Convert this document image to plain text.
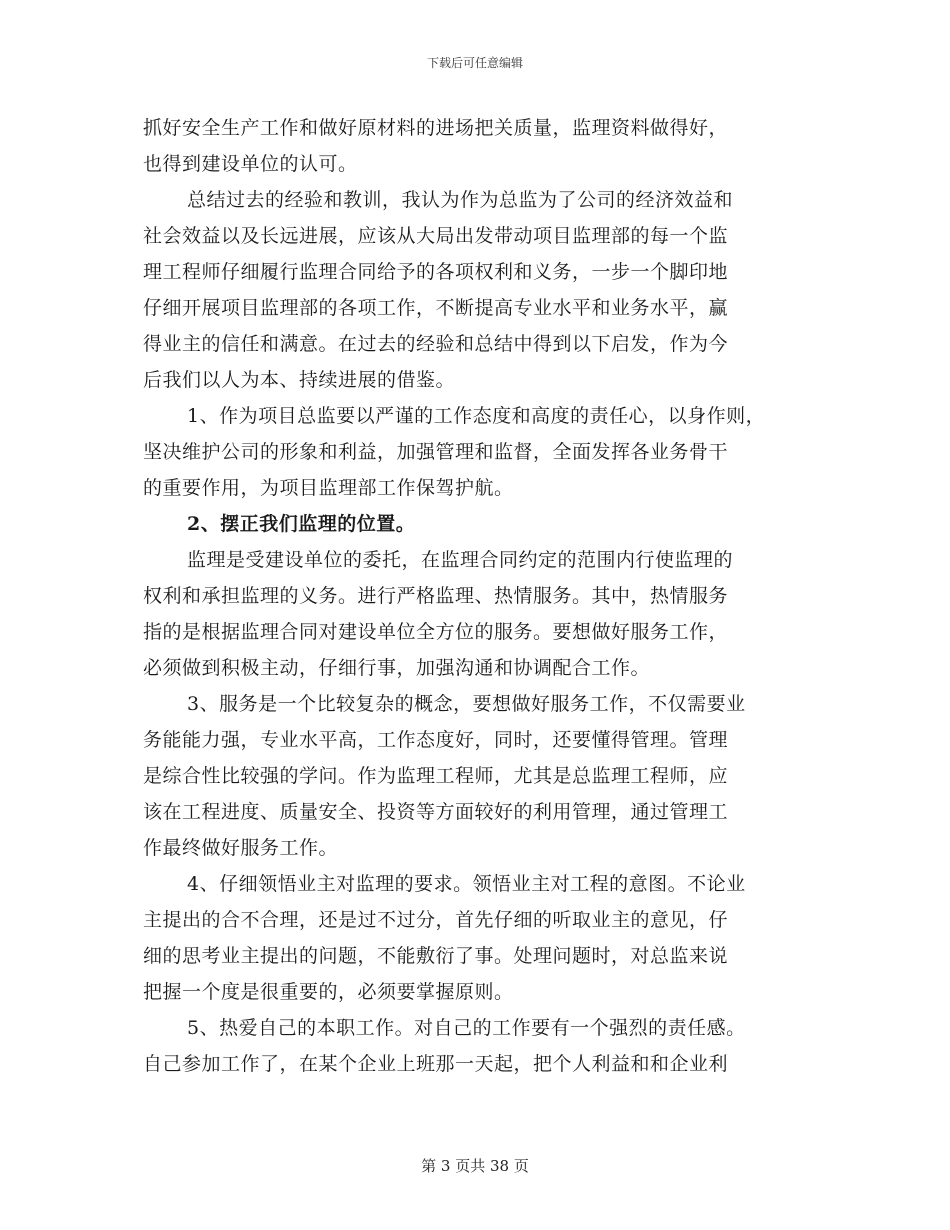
下载后可任意编辑
抓好安全生产工作和做好原材料的进场把关质量，监理资料做得好，
也得到建设单位的认可。
总结过去的经验和教训，我认为作为总监为了公司的经济效益和
社会效益以及长远进展，应该从大局出发带动项目监理部的每一个监
理工程师仔细履行监理合同给予的各项权利和义务，一步一个脚印地
仔细开展项目监理部的各项工作，不断提高专业水平和业务水平，赢
得业主的信任和满意。在过去的经验和总结中得到以下启发，作为今
后我们以人为本、持续进展的借鉴。
1、作为项目总监要以严谨的工作态度和高度的责任心，以身作则，
坚决维护公司的形象和利益，加强管理和监督，全面发挥各业务骨干
的重要作用，为项目监理部工作保驾护航。
2、摆正我们监理的位置。
监理是受建设单位的委托，在监理合同约定的范围内行使监理的
权利和承担监理的义务。进行严格监理、热情服务。其中，热情服务
指的是根据监理合同对建设单位全方位的服务。要想做好服务工作，
必须做到积极主动，仔细行事，加强沟通和协调配合工作。
3、服务是一个比较复杂的概念，要想做好服务工作，不仅需要业
务能能力强，专业水平高，工作态度好，同时，还要懂得管理。管理
是综合性比较强的学问。作为监理工程师，尤其是总监理工程师，应
该在工程进度、质量安全、投资等方面较好的利用管理，通过管理工
作最终做好服务工作。
4、仔细领悟业主对监理的要求。领悟业主对工程的意图。不论业
主提出的合不合理，还是过不过分，首先仔细的听取业主的意见，仔
细的思考业主提出的问题，不能敷衍了事。处理问题时，对总监来说
把握一个度是很重要的，必须要掌握原则。
5、热爱自己的本职工作。对自己的工作要有一个强烈的责任感。
自己参加工作了，在某个企业上班那一天起，把个人利益和和企业利
第 3 页共 38 页
